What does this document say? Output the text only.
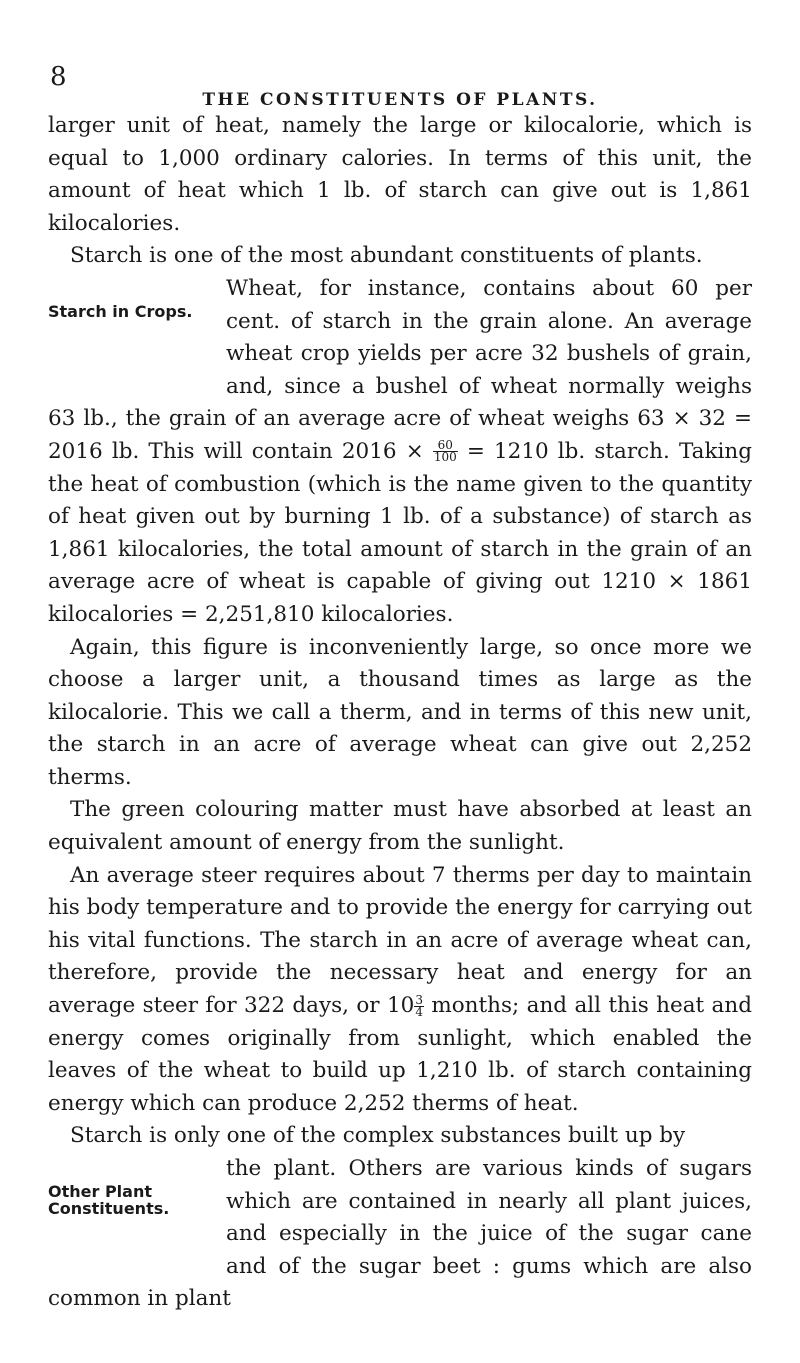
8
THE CONSTITUENTS OF PLANTS.

larger unit of heat, namely the large or kilocalorie, which is equal to 1,000 ordinary calories. In terms of this unit, the amount of heat which 1 lb. of starch can give out is 1,861 kilocalories.

Starch is one of the most abundant constituents of plants.

Starch in Crops.

Wheat, for instance, contains about 60 per cent. of starch in the grain alone. An average wheat crop yields per acre 32 bushels of grain, and, since a bushel of wheat normally weighs 63 lb., the grain of an average acre of wheat weighs 63 × 32 = 2016 lb. This will contain $2016 \times \frac{60}{100} = 1210$ lb. starch. Taking the heat of combustion (which is the name given to the quantity of heat given out by burning 1 lb. of a substance) of starch as 1,861 kilocalories, the total amount of starch in the grain of an average acre of wheat is capable of giving out 1210 × 1861 kilocalories = 2,251,810 kilocalories.

Again, this figure is inconveniently large, so once more we choose a larger unit, a thousand times as large as the kilocalorie. This we call a therm, and in terms of this new unit, the starch in an acre of average wheat can give out 2,252 therms.

The green colouring matter must have absorbed at least an equivalent amount of energy from the sunlight.

An average steer requires about 7 therms per day to maintain his body temperature and to provide the energy for carrying out his vital functions. The starch in an acre of average wheat can, therefore, provide the necessary heat and energy for an average steer for 322 days, or $10 \frac{3}{4}$ months; and all this heat and energy comes originally from sunlight, which enabled the leaves of the wheat to build up 1,210 lb. of starch containing energy which can produce 2,252 therms of heat.

Starch is only one of the complex substances built up by

Other Plant Constituents.

the plant. Others are various kinds of sugars which are contained in nearly all plant juices, and especially in the juice of the sugar cane and of the sugar beet : gums which are also common in plant
